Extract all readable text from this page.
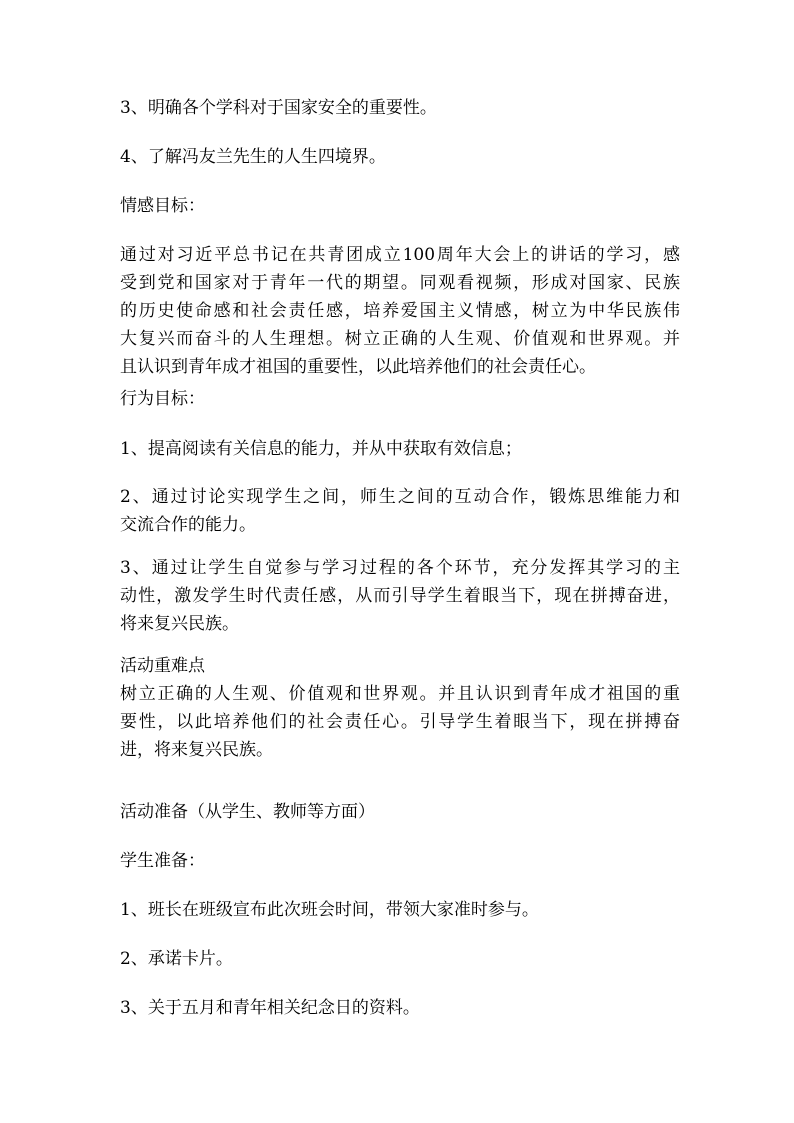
3、明确各个学科对于国家安全的重要性。
4、了解冯友兰先生的人生四境界。
情感目标：
通过对习近平总书记在共青团成立100周年大会上的讲话的学习，感
受到党和国家对于青年一代的期望。同观看视频，形成对国家、民族
的历史使命感和社会责任感，培养爱国主义情感，树立为中华民族伟
大复兴而奋斗的人生理想。树立正确的人生观、价值观和世界观。并
且认识到青年成才祖国的重要性，以此培养他们的社会责任心。
行为目标：
1、提高阅读有关信息的能力，并从中获取有效信息；
2、通过讨论实现学生之间，师生之间的互动合作，锻炼思维能力和
交流合作的能力。
3、通过让学生自觉参与学习过程的各个环节，充分发挥其学习的主
动性，激发学生时代责任感，从而引导学生着眼当下，现在拼搏奋进，
将来复兴民族。
活动重难点
树立正确的人生观、价值观和世界观。并且认识到青年成才祖国的重
要性，以此培养他们的社会责任心。引导学生着眼当下，现在拼搏奋
进，将来复兴民族。
活动准备（从学生、教师等方面）
学生准备：
1、班长在班级宣布此次班会时间，带领大家准时参与。
2、承诺卡片。
3、关于五月和青年相关纪念日的资料。
